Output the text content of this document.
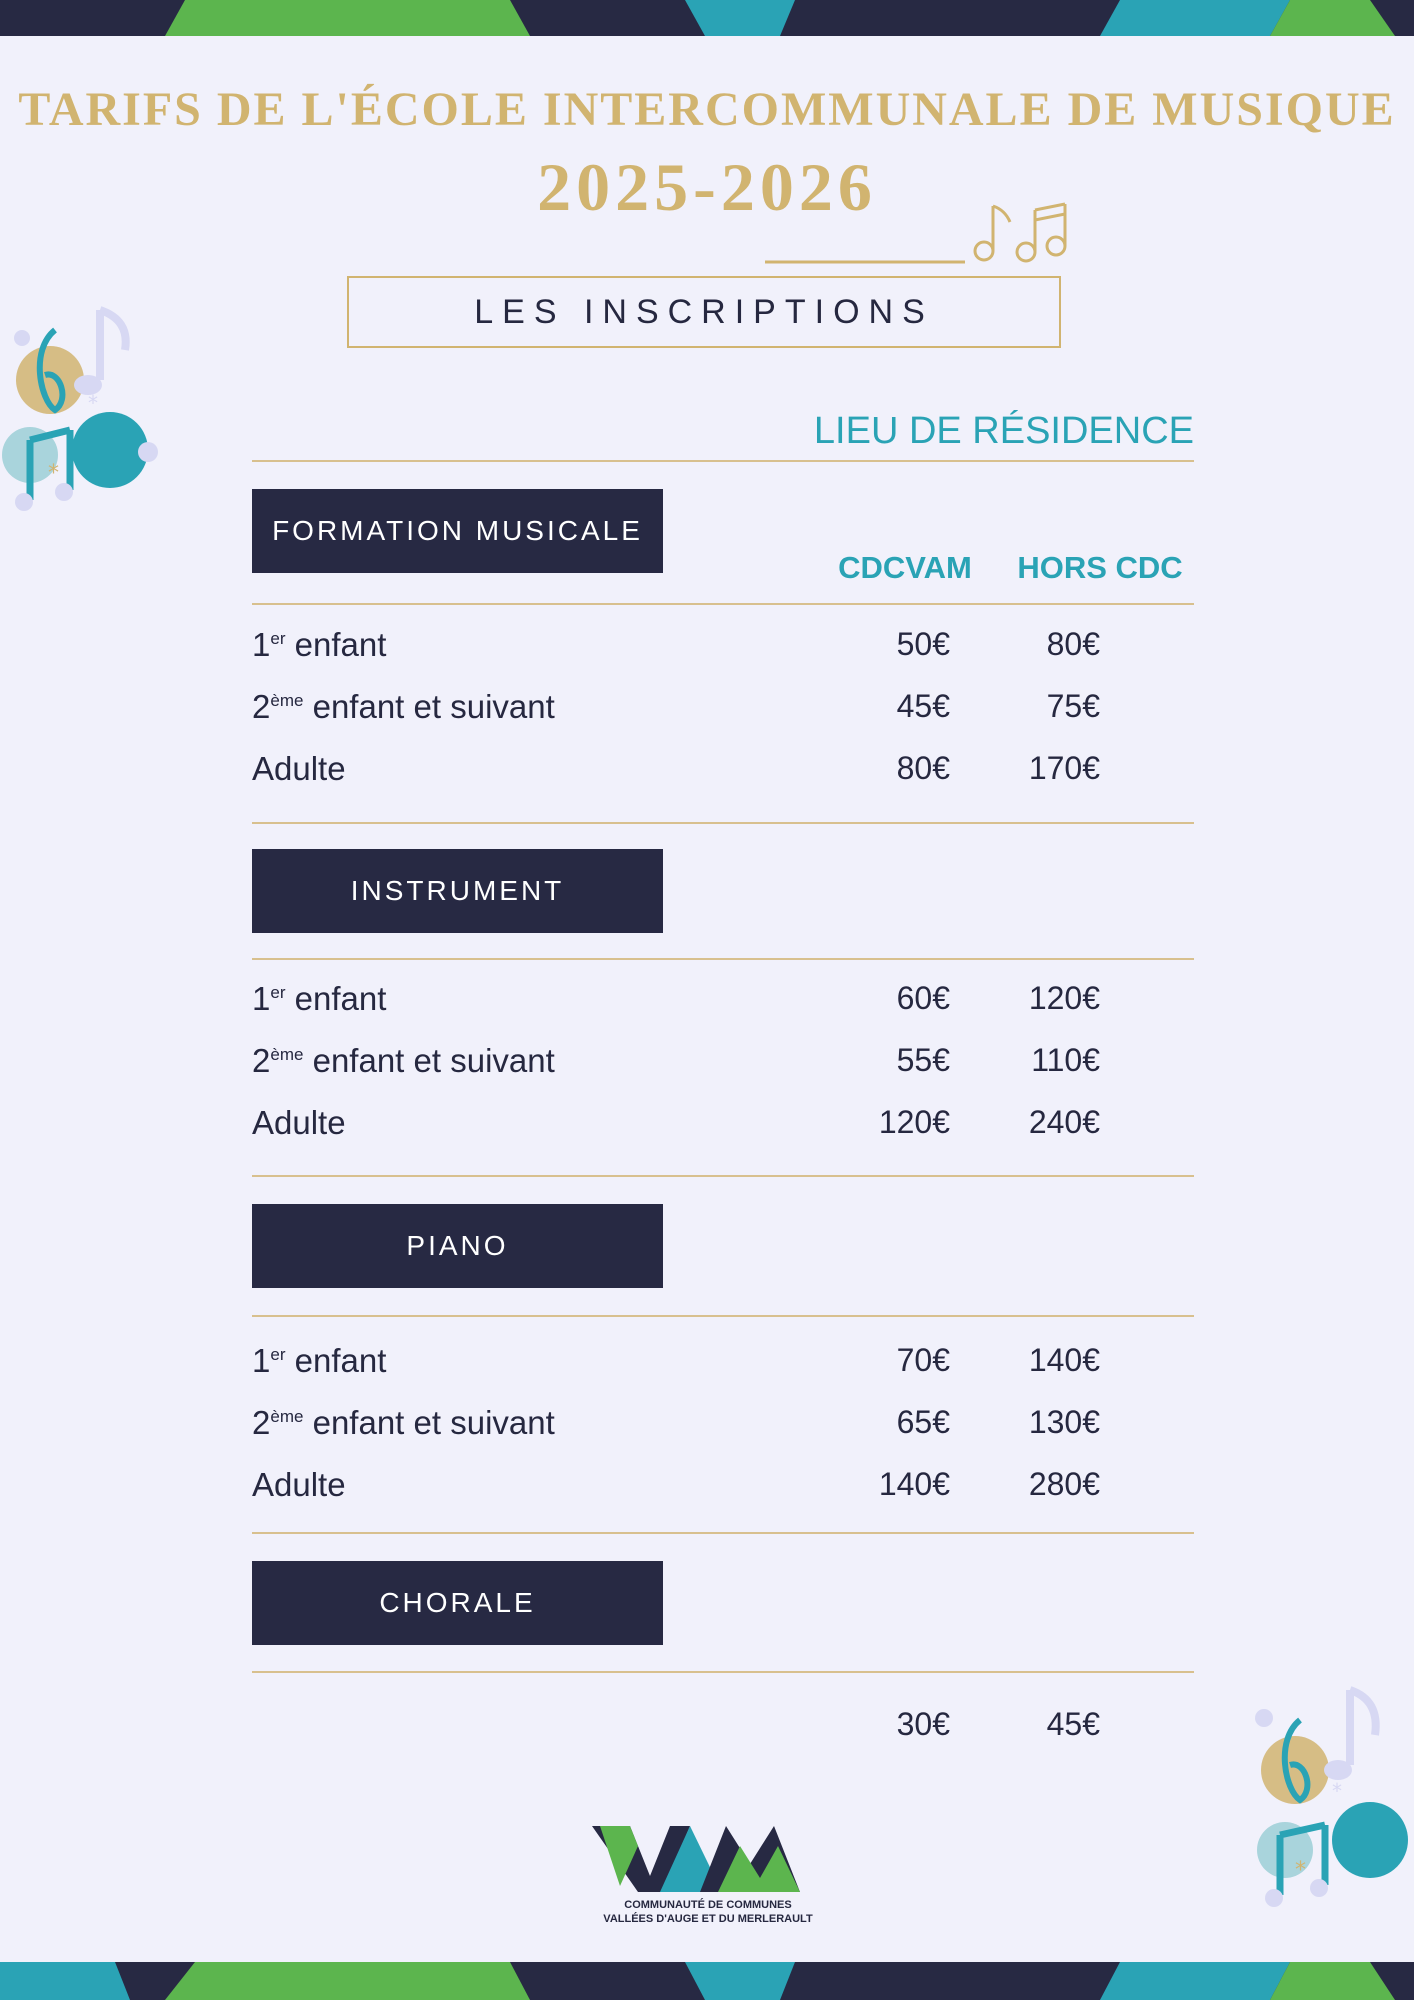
TARIFS DE L'ÉCOLE INTERCOMMUNALE DE MUSIQUE
2025-2026
LES INSCRIPTIONS
*
*
LIEU DE RÉSIDENCE
FORMATION MUSICALE
CDCVAM	HORS CDC
1er enfant	50€	80€
2ème enfant et suivant	45€	75€
Adulte	80€	170€
INSTRUMENT
1er enfant	60€	120€
2ème enfant et suivant	55€	110€
Adulte	120€	240€
PIANO
1er enfant	70€	140€
2ème enfant et suivant	65€	130€
Adulte	140€	280€
CHORALE
30€	45€
*
*
COMMUNAUTÉ DE COMMUNES
VALLÉES D'AUGE ET DU MERLERAULT
